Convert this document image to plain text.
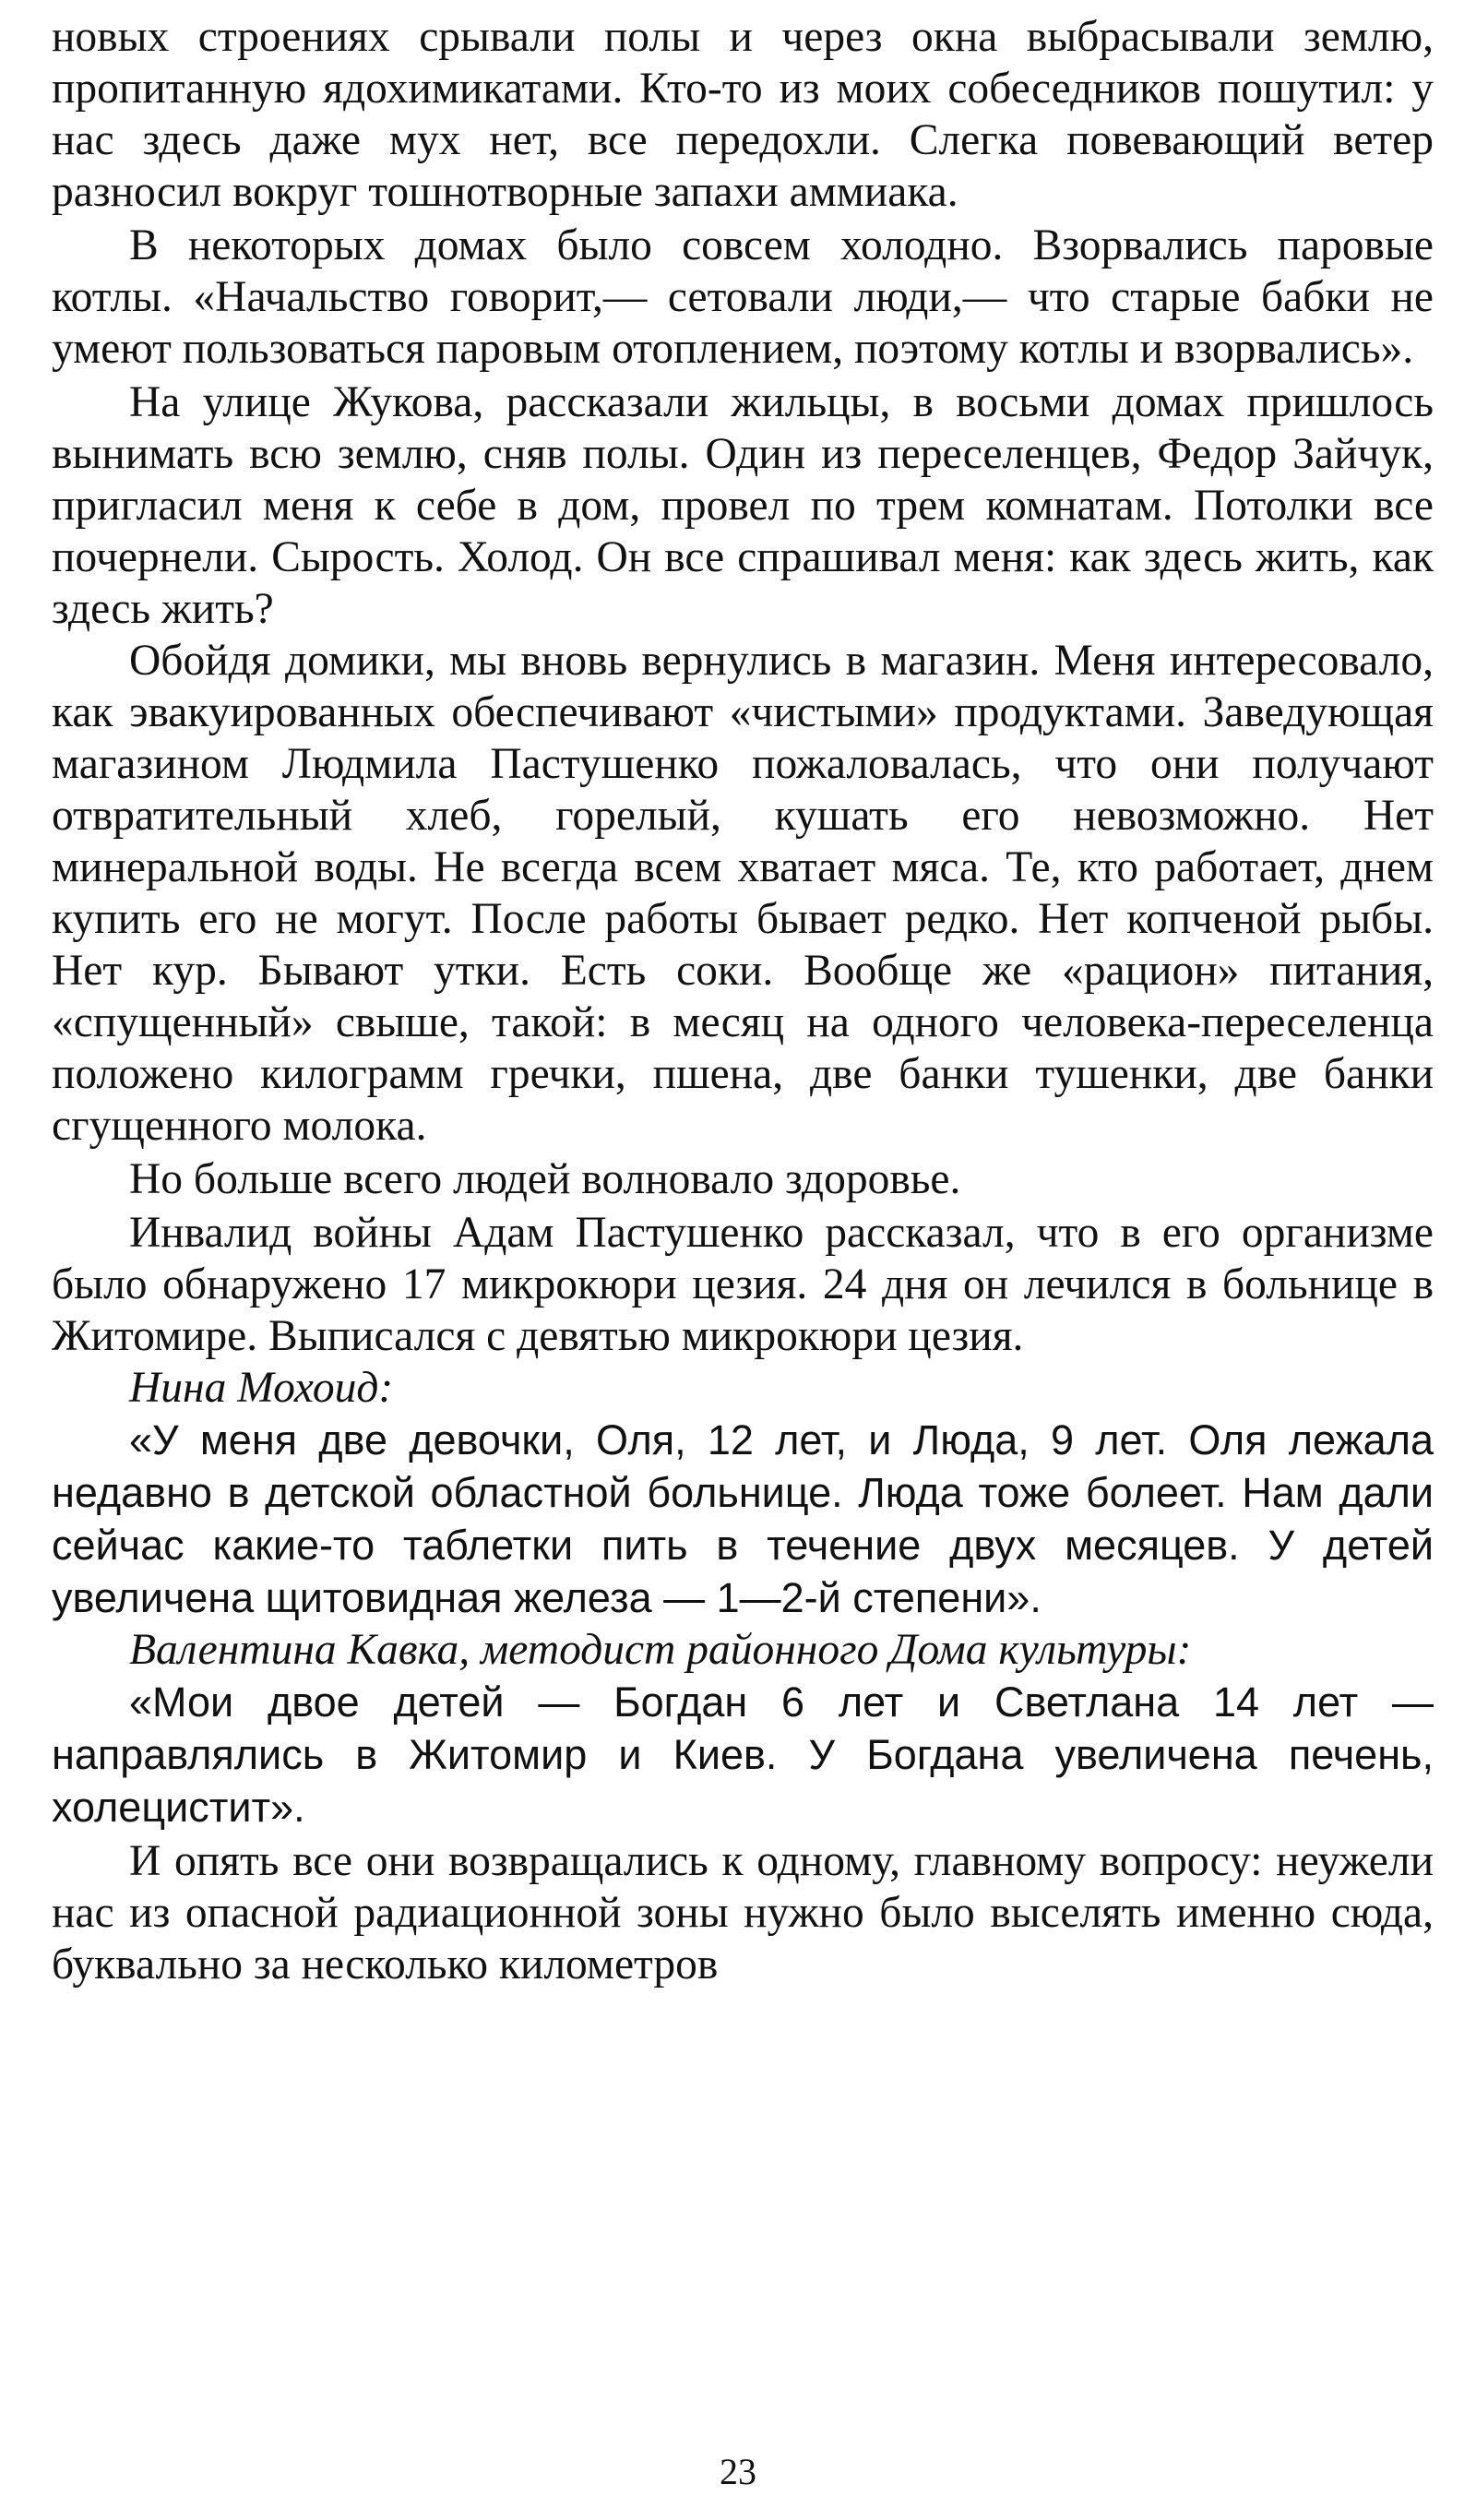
новых строениях срывали полы и через окна выбрасывали землю, пропитанную ядохимикатами. Кто-то из моих собеседников пошутил: у нас здесь даже мух нет, все передохли. Слегка повевающий ветер разносил вокруг тошнотворные запахи аммиака.

В некоторых домах было совсем холодно. Взорвались паровые котлы. «Начальство говорит,— сетовали люди,— что старые бабки не умеют пользоваться паровым отоплением, поэтому котлы и взорвались».

На улице Жукова, рассказали жильцы, в восьми домах пришлось вынимать всю землю, сняв полы. Один из переселенцев, Федор Зайчук, пригласил меня к себе в дом, провел по трем комнатам. Потолки все почернели. Сырость. Холод. Он все спрашивал меня: как здесь жить, как здесь жить?

Обойдя домики, мы вновь вернулись в магазин. Меня интересовало, как эвакуированных обеспечивают «чистыми» продуктами. Заведующая магазином Людмила Пастушенко пожаловалась, что они получают отвратительный хлеб, горелый, кушать его невозможно. Нет минеральной воды. Не всегда всем хватает мяса. Те, кто работает, днем купить его не могут. После работы бывает редко. Нет копченой рыбы. Нет кур. Бывают утки. Есть соки. Вообще же «рацион» питания, «спущенный» свыше, такой: в месяц на одного человека-переселенца положено килограмм гречки, пшена, две банки тушенки, две банки сгущенного молока.

Но больше всего людей волновало здоровье.

Инвалид войны Адам Пастушенко рассказал, что в его организме было обнаружено 17 микрокюри цезия. 24 дня он лечился в больнице в Житомире. Выписался с девятью микрокюри цезия.

Нина Мохоид:

«У меня две девочки, Оля, 12 лет, и Люда, 9 лет. Оля лежала недавно в детской областной больнице. Люда тоже болеет. Нам дали сейчас какие-то таблетки пить в течение двух месяцев. У детей увеличена щитовидная железа — 1—2-й степени».

Валентина Кавка, методист районного Дома культуры:

«Мои двое детей — Богдан 6 лет и Светлана 14 лет — направлялись в Житомир и Киев. У Богдана увеличена печень, холецистит».

И опять все они возвращались к одному, главному вопросу: неужели нас из опасной радиационной зоны нужно было выселять именно сюда, буквально за несколько километров

23
